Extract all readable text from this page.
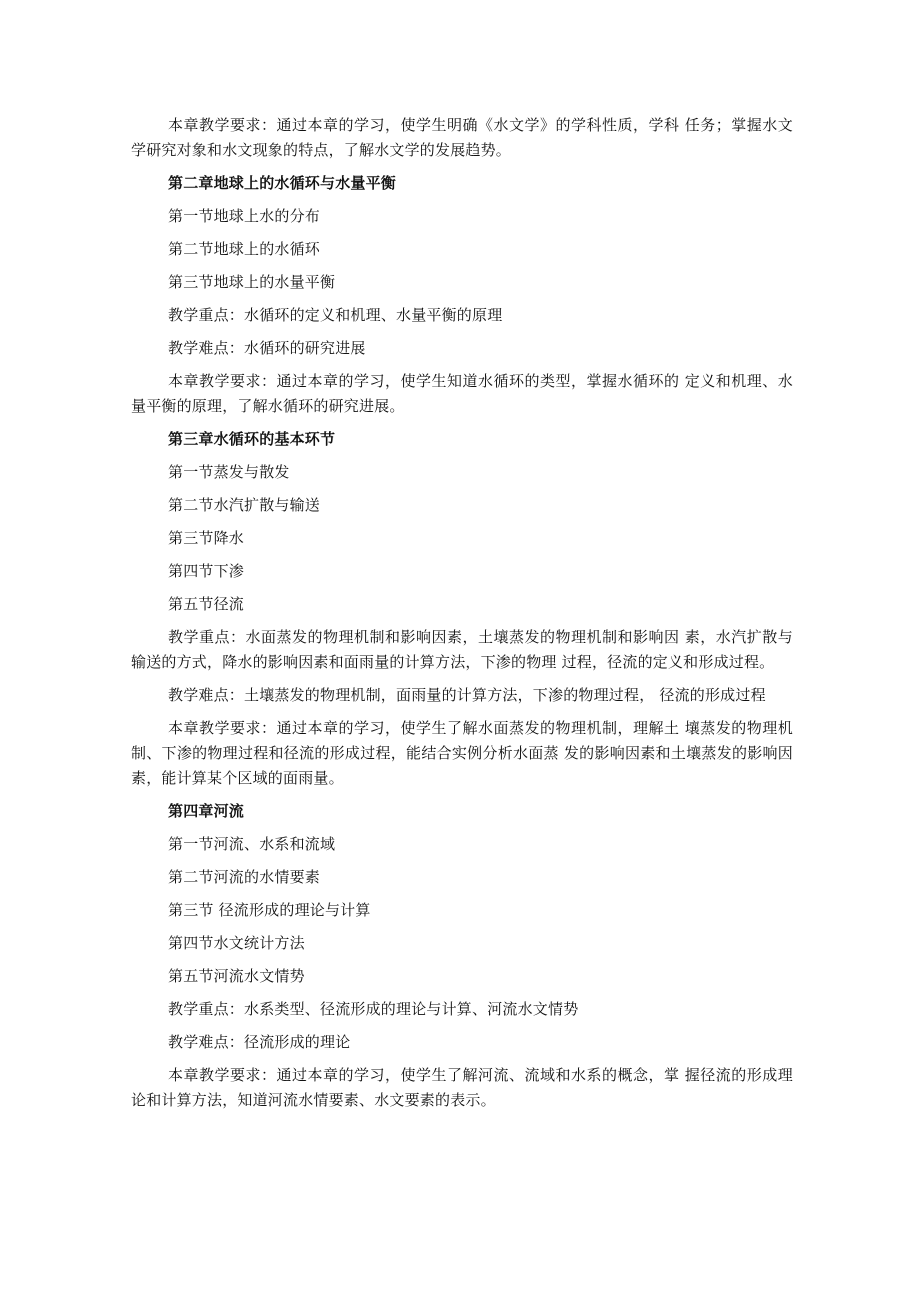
本章教学要求：通过本章的学习，使学生明确《水文学》的学科性质，学科 任务；掌握水文学研究对象和水文现象的特点，了解水文学的发展趋势。

第二章地球上的水循环与水量平衡
第一节地球上水的分布
第二节地球上的水循环
第三节地球上的水量平衡
教学重点：水循环的定义和机理、水量平衡的原理
教学难点：水循环的研究进展

本章教学要求：通过本章的学习，使学生知道水循环的类型，掌握水循环的 定义和机理、水量平衡的原理，了解水循环的研究进展。

第三章水循环的基本环节
第一节蒸发与散发
第二节水汽扩散与输送
第三节降水
第四节下渗
第五节径流

教学重点：水面蒸发的物理机制和影响因素，土壤蒸发的物理机制和影响因 素，水汽扩散与输送的方式，降水的影响因素和面雨量的计算方法，下渗的物理 过程，径流的定义和形成过程。

教学难点：土壤蒸发的物理机制，面雨量的计算方法，下渗的物理过程， 径流的形成过程

本章教学要求：通过本章的学习，使学生了解水面蒸发的物理机制，理解土 壤蒸发的物理机制、下渗的物理过程和径流的形成过程，能结合实例分析水面蒸 发的影响因素和土壤蒸发的影响因素，能计算某个区域的面雨量。

第四章河流
第一节河流、水系和流域
第二节河流的水情要素
第三节 径流形成的理论与计算
第四节水文统计方法
第五节河流水文情势
教学重点：水系类型、径流形成的理论与计算、河流水文情势
教学难点：径流形成的理论

本章教学要求：通过本章的学习，使学生了解河流、流域和水系的概念，掌 握径流的形成理论和计算方法，知道河流水情要素、水文要素的表示。
